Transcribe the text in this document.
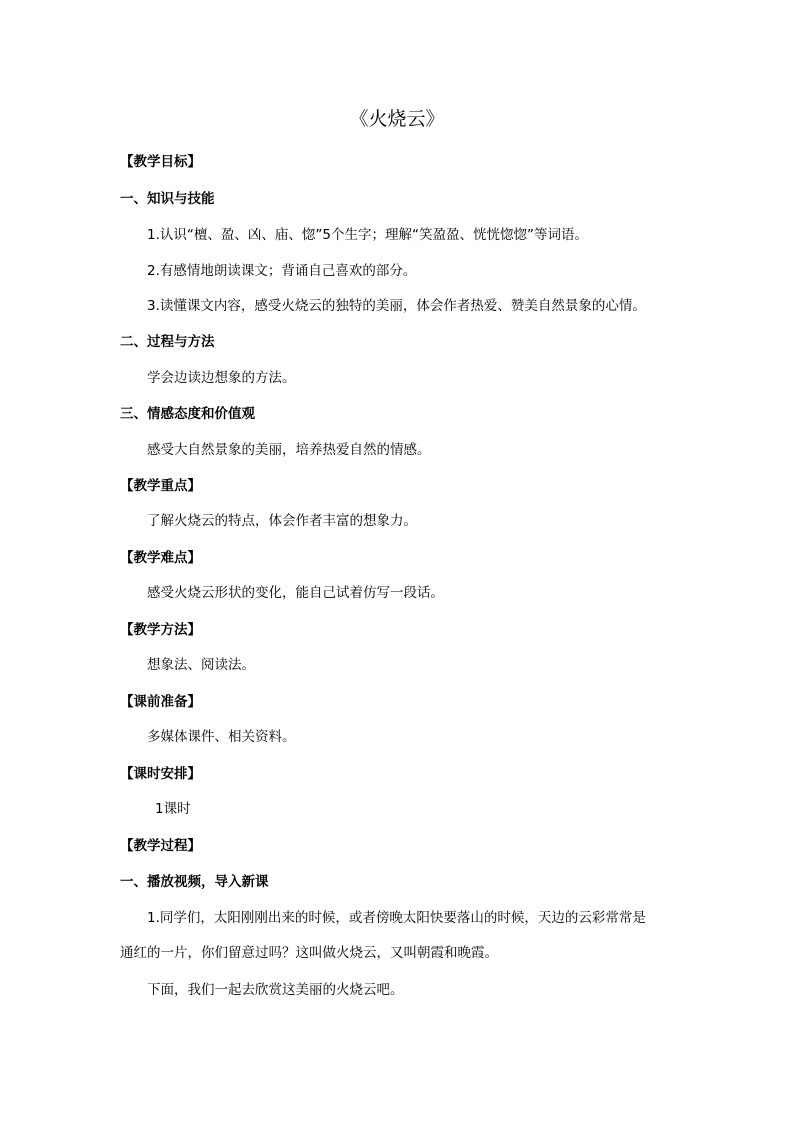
《火烧云》
【教学目标】
一、知识与技能
1.认识“檀、盈、凶、庙、惚”5个生字；理解“笑盈盈、恍恍惚惚”等词语。
2.有感情地朗读课文；背诵自己喜欢的部分。
3.读懂课文内容，感受火烧云的独特的美丽，体会作者热爱、赞美自然景象的心情。
二、过程与方法
学会边读边想象的方法。
三、情感态度和价值观
感受大自然景象的美丽，培养热爱自然的情感。
【教学重点】
了解火烧云的特点，体会作者丰富的想象力。
【教学难点】
感受火烧云形状的变化，能自己试着仿写一段话。
【教学方法】
想象法、阅读法。
【课前准备】
多媒体课件、相关资料。
【课时安排】
1课时
【教学过程】
一、播放视频，导入新课
1.同学们，太阳刚刚出来的时候，或者傍晚太阳快要落山的时候，天边的云彩常常是
通红的一片，你们留意过吗？这叫做火烧云，又叫朝霞和晚霞。
下面，我们一起去欣赏这美丽的火烧云吧。
